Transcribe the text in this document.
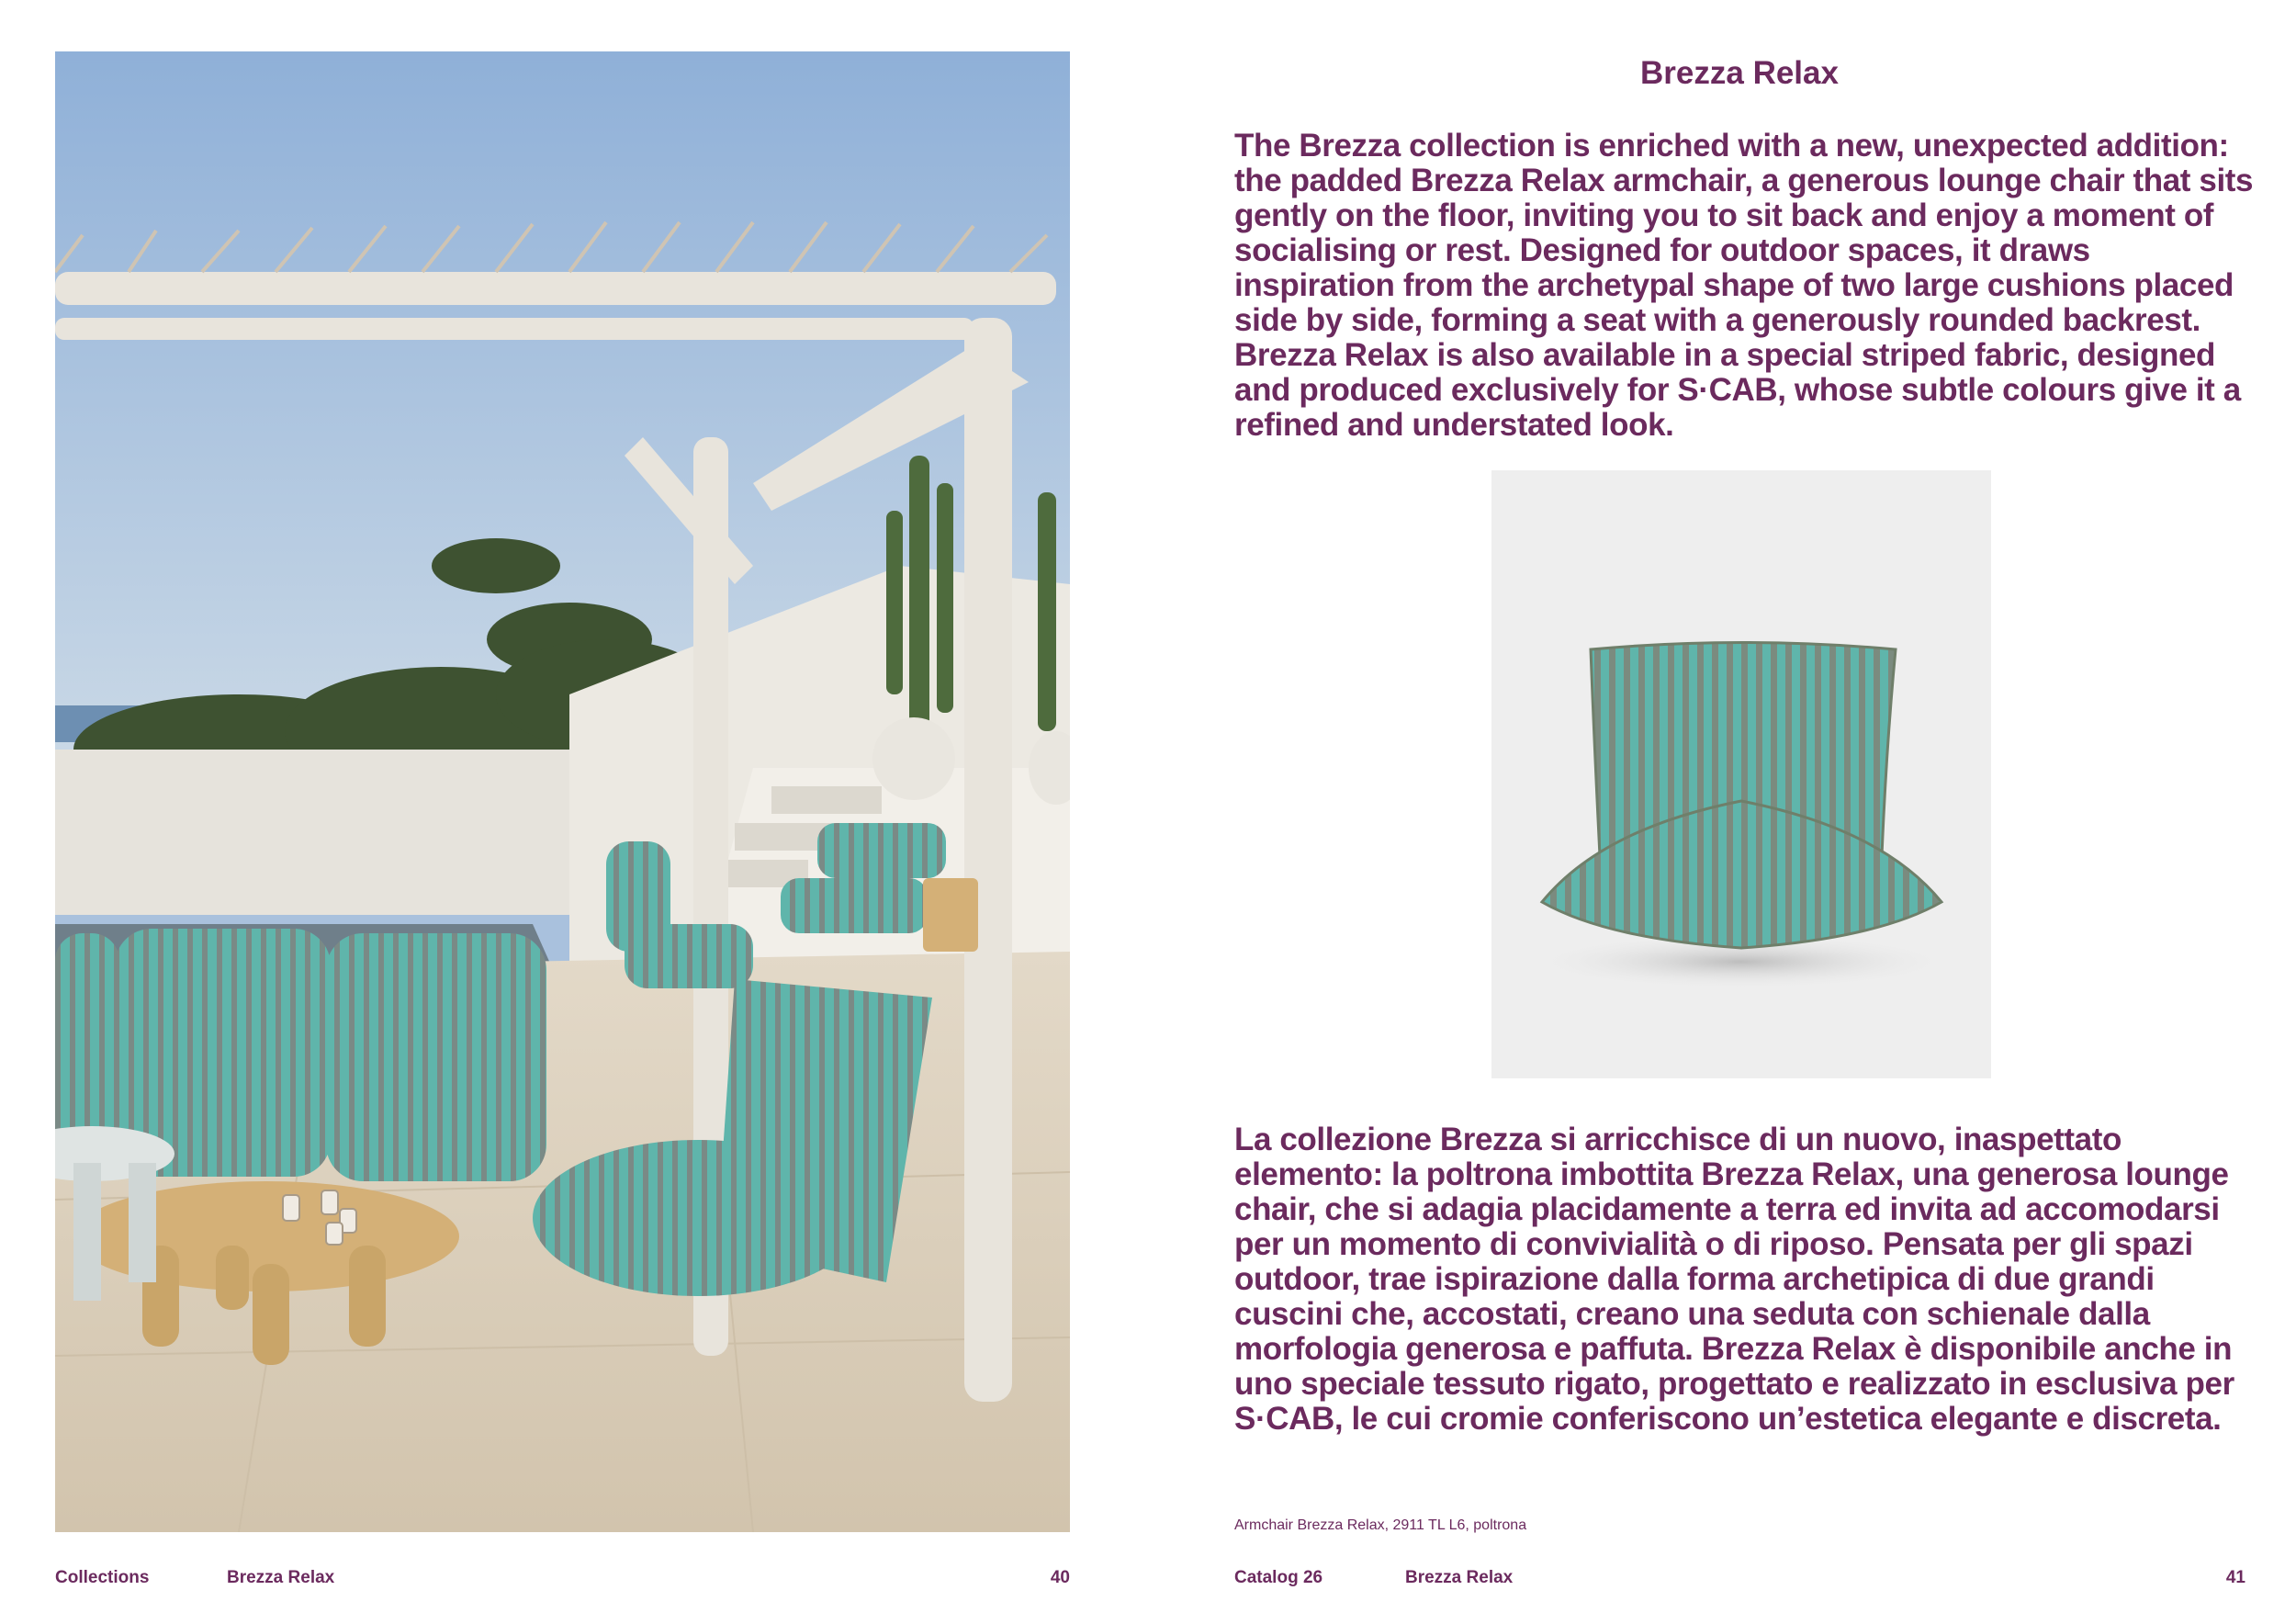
Brezza Relax

The Brezza collection is enriched with a new, unexpected addition: the padded Brezza Relax armchair, a generous lounge chair that sits gently on the floor, inviting you to sit back and enjoy a moment of socialising or rest. Designed for outdoor spaces, it draws inspiration from the archetypal shape of two large cushions placed side by side, forming a seat with a generously rounded backrest. Brezza Relax is also available in a special striped fabric, designed and produced exclusively for S·CAB, whose subtle colours give it a refined and understated look.

La collezione Brezza si arricchisce di un nuovo, inaspettato elemento: la poltrona imbottita Brezza Relax, una generosa lounge chair, che si adagia placidamente a terra ed invita ad accomodarsi per un momento di convivialità o di riposo. Pensata per gli spazi outdoor, trae ispirazione dalla forma archetipica di due grandi cuscini che, accostati, creano una seduta con schienale dalla morfologia generosa e paffuta. Brezza Relax è disponibile anche in uno speciale tessuto rigato, progettato e realizzato in esclusiva per S·CAB, le cui cromie conferiscono un’estetica elegante e discreta.

Armchair Brezza Relax, 2911 TL L6, poltrona

Collections	Brezza Relax	40	Catalog 26	Brezza Relax	41
